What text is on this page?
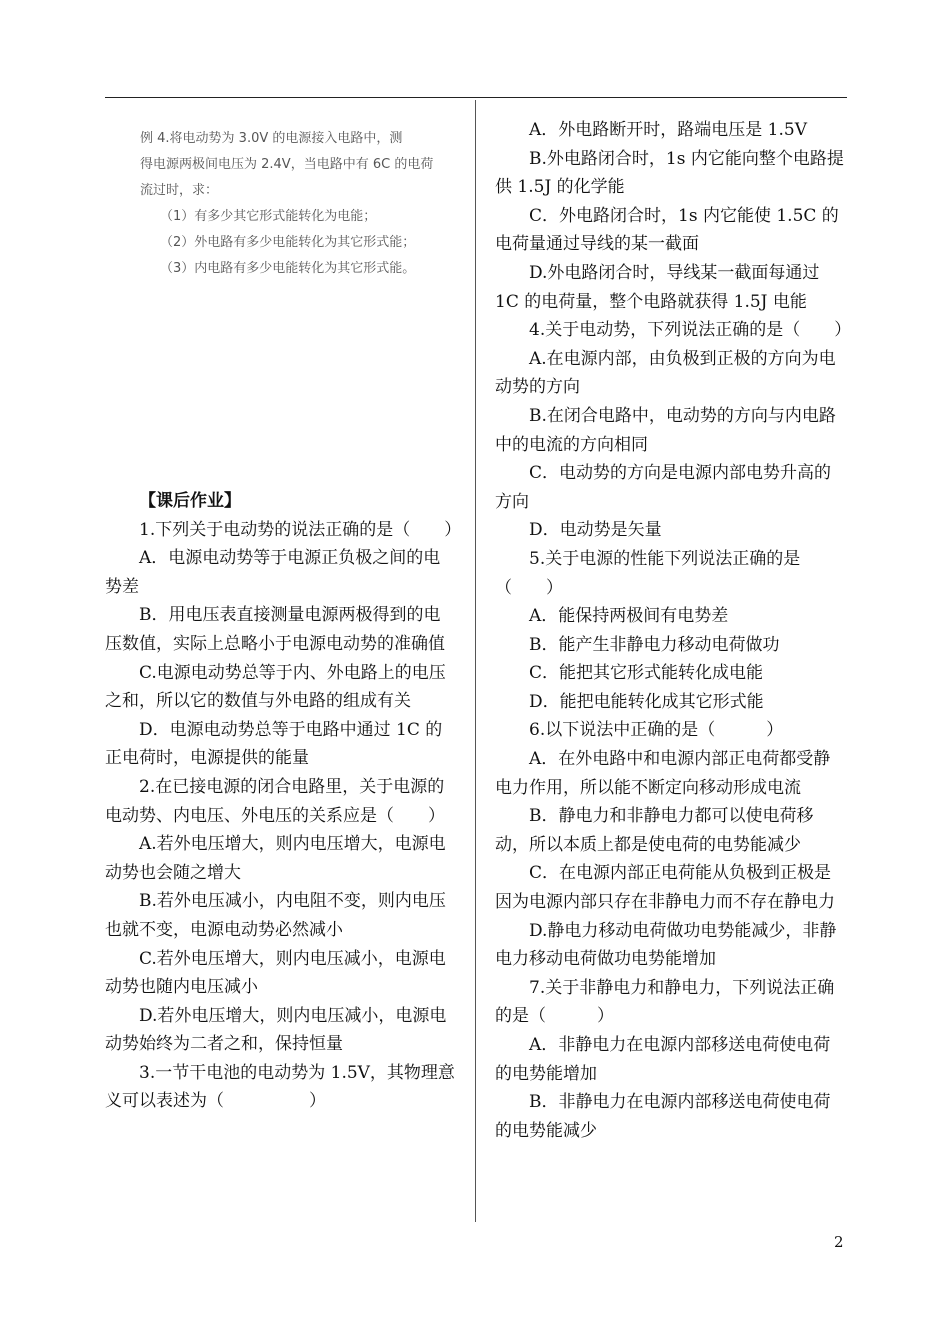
例 4.将电动势为 3.0V 的电源接入电路中，测

得电源两极间电压为 2.4V，当电路中有 6C 的电荷

流过时，求：

（1）有多少其它形式能转化为电能；

（2）外电路有多少电能转化为其它形式能；

（3）内电路有多少电能转化为其它形式能。

【课后作业】

1.下列关于电动势的说法正确的是（　　）

A．电源电动势等于电源正负极之间的电势差

B．用电压表直接测量电源两极得到的电压数值，实际上总略小于电源电动势的准确值

C.电源电动势总等于内、外电路上的电压之和，所以它的数值与外电路的组成有关

D．电源电动势总等于电路中通过 1C 的正电荷时，电源提供的能量

2.在已接电源的闭合电路里，关于电源的电动势、内电压、外电压的关系应是（　　）

A.若外电压增大，则内电压增大，电源电动势也会随之增大

B.若外电压减小，内电阻不变，则内电压也就不变，电源电动势必然减小

C.若外电压增大，则内电压减小，电源电动势也随内电压减小

D.若外电压增大，则内电压减小，电源电动势始终为二者之和，保持恒量

3.一节干电池的电动势为 1.5V，其物理意义可以表述为（　　　　　）

A．外电路断开时，路端电压是 1.5V

B.外电路闭合时，1s 内它能向整个电路提供 1.5J 的化学能

C．外电路闭合时，1s 内它能使 1.5C 的电荷量通过导线的某一截面

D.外电路闭合时，导线某一截面每通过 1C 的电荷量，整个电路就获得 1.5J 电能

4.关于电动势，下列说法正确的是（　　）

A.在电源内部，由负极到正极的方向为电动势的方向

B.在闭合电路中，电动势的方向与内电路中的电流的方向相同

C．电动势的方向是电源内部电势升高的方向

D．电动势是矢量

5.关于电源的性能下列说法正确的是（　　）

A．能保持两极间有电势差

B．能产生非静电力移动电荷做功

C．能把其它形式能转化成电能

D．能把电能转化成其它形式能

6.以下说法中正确的是（　　　）

A．在外电路中和电源内部正电荷都受静电力作用，所以能不断定向移动形成电流

B．静电力和非静电力都可以使电荷移动，所以本质上都是使电荷的电势能减少

C．在电源内部正电荷能从负极到正极是因为电源内部只存在非静电力而不存在静电力

D.静电力移动电荷做功电势能减少，非静电力移动电荷做功电势能增加

7.关于非静电力和静电力，下列说法正确的是（　　　）

A．非静电力在电源内部移送电荷使电荷的电势能增加

B．非静电力在电源内部移送电荷使电荷的电势能减少

2
